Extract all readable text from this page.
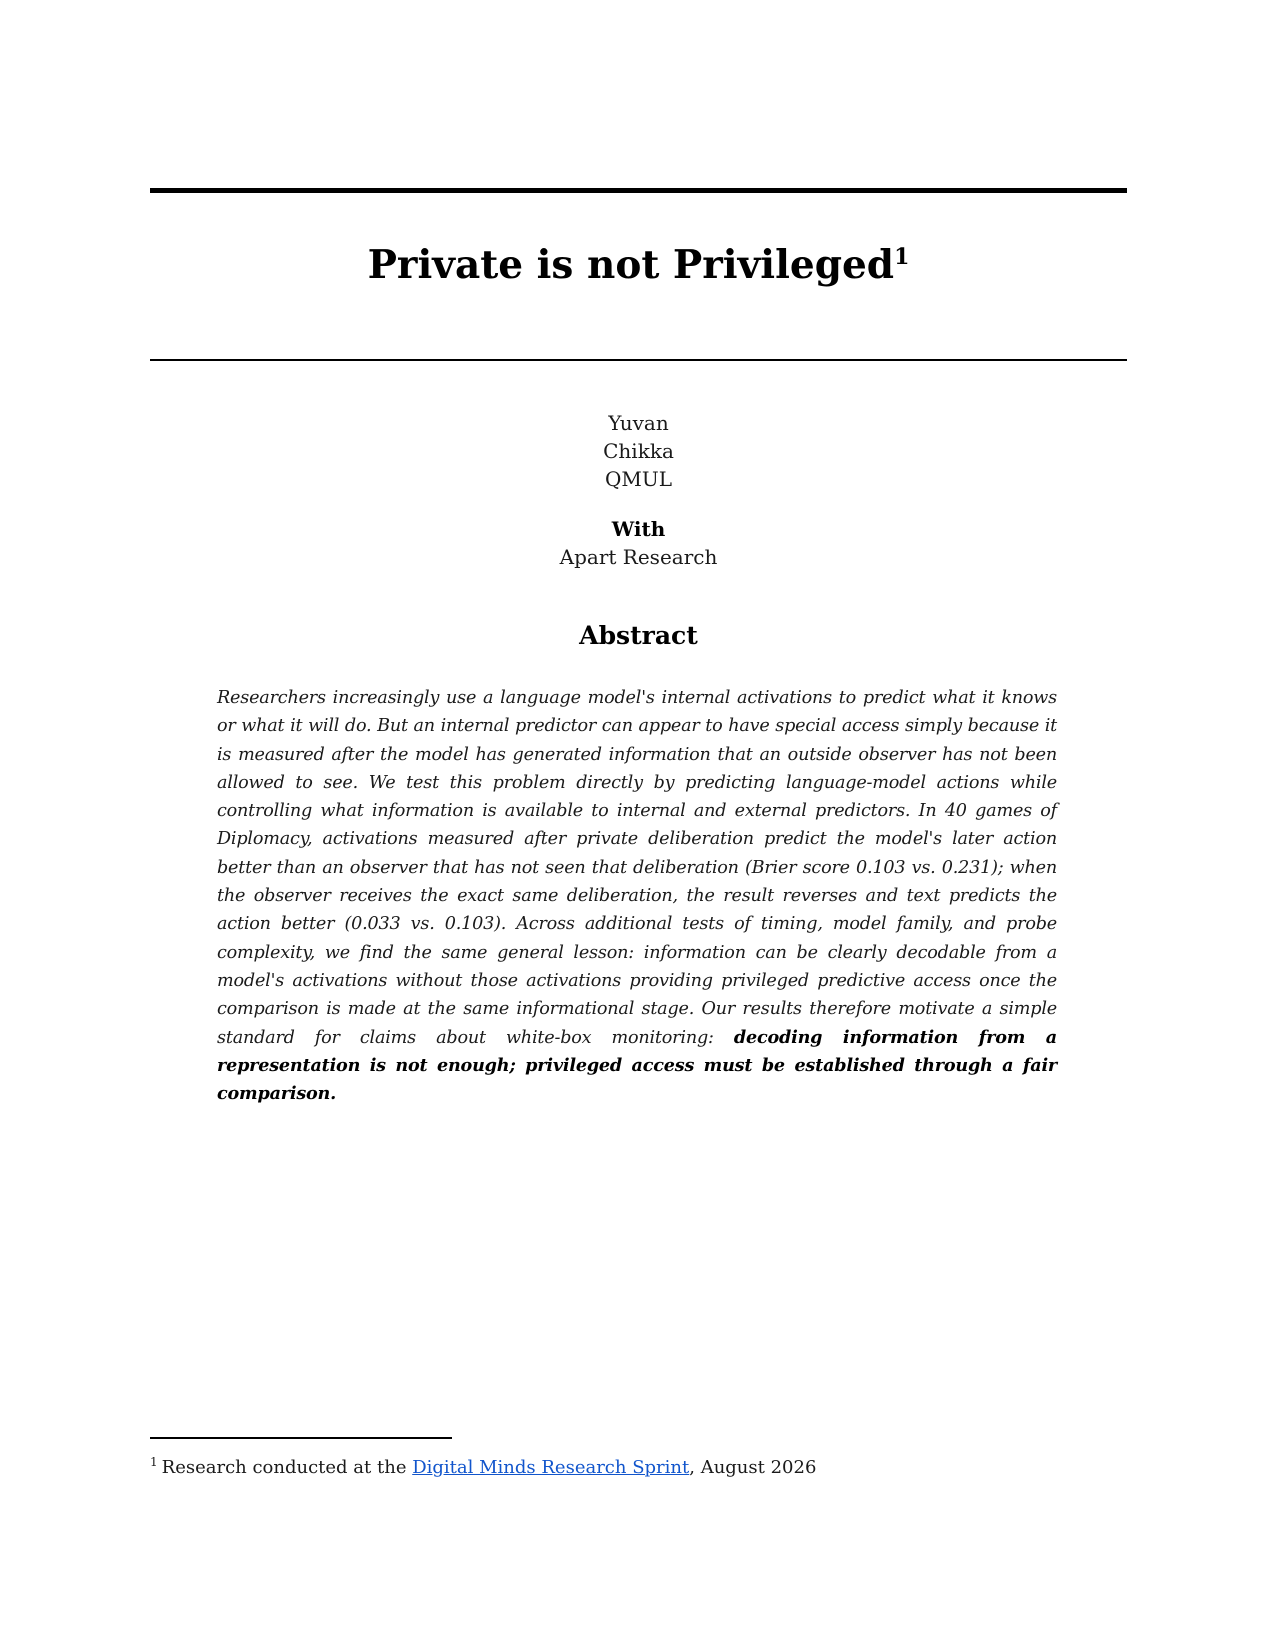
Private is not Privileged$^1$
Yuvan
Chikka
QMUL
With
Apart Research
Abstract

Researchers increasingly use a language model's internal activations to predict what it knows or what it will do. But an internal predictor can appear to have special access simply because it is measured after the model has generated information that an outside observer has not been allowed to see. We test this problem directly by predicting language-model actions while controlling what information is available to internal and external predictors. In 40 games of Diplomacy, activations measured after private deliberation predict the model's later action better than an observer that has not seen that deliberation (Brier score 0.103 vs. 0.231); when the observer receives the exact same deliberation, the result reverses and text predicts the action better (0.033 vs. 0.103). Across additional tests of timing, model family, and probe complexity, we find the same general lesson: information can be clearly decodable from a model's activations without those activations providing privileged predictive access once the comparison is made at the same informational stage. Our results therefore motivate a simple standard for claims about white-box monitoring: decoding information from a representation is not enough; privileged access must be established through a fair comparison.

$^1$ Research conducted at the Digital Minds Research Sprint, August 2026
